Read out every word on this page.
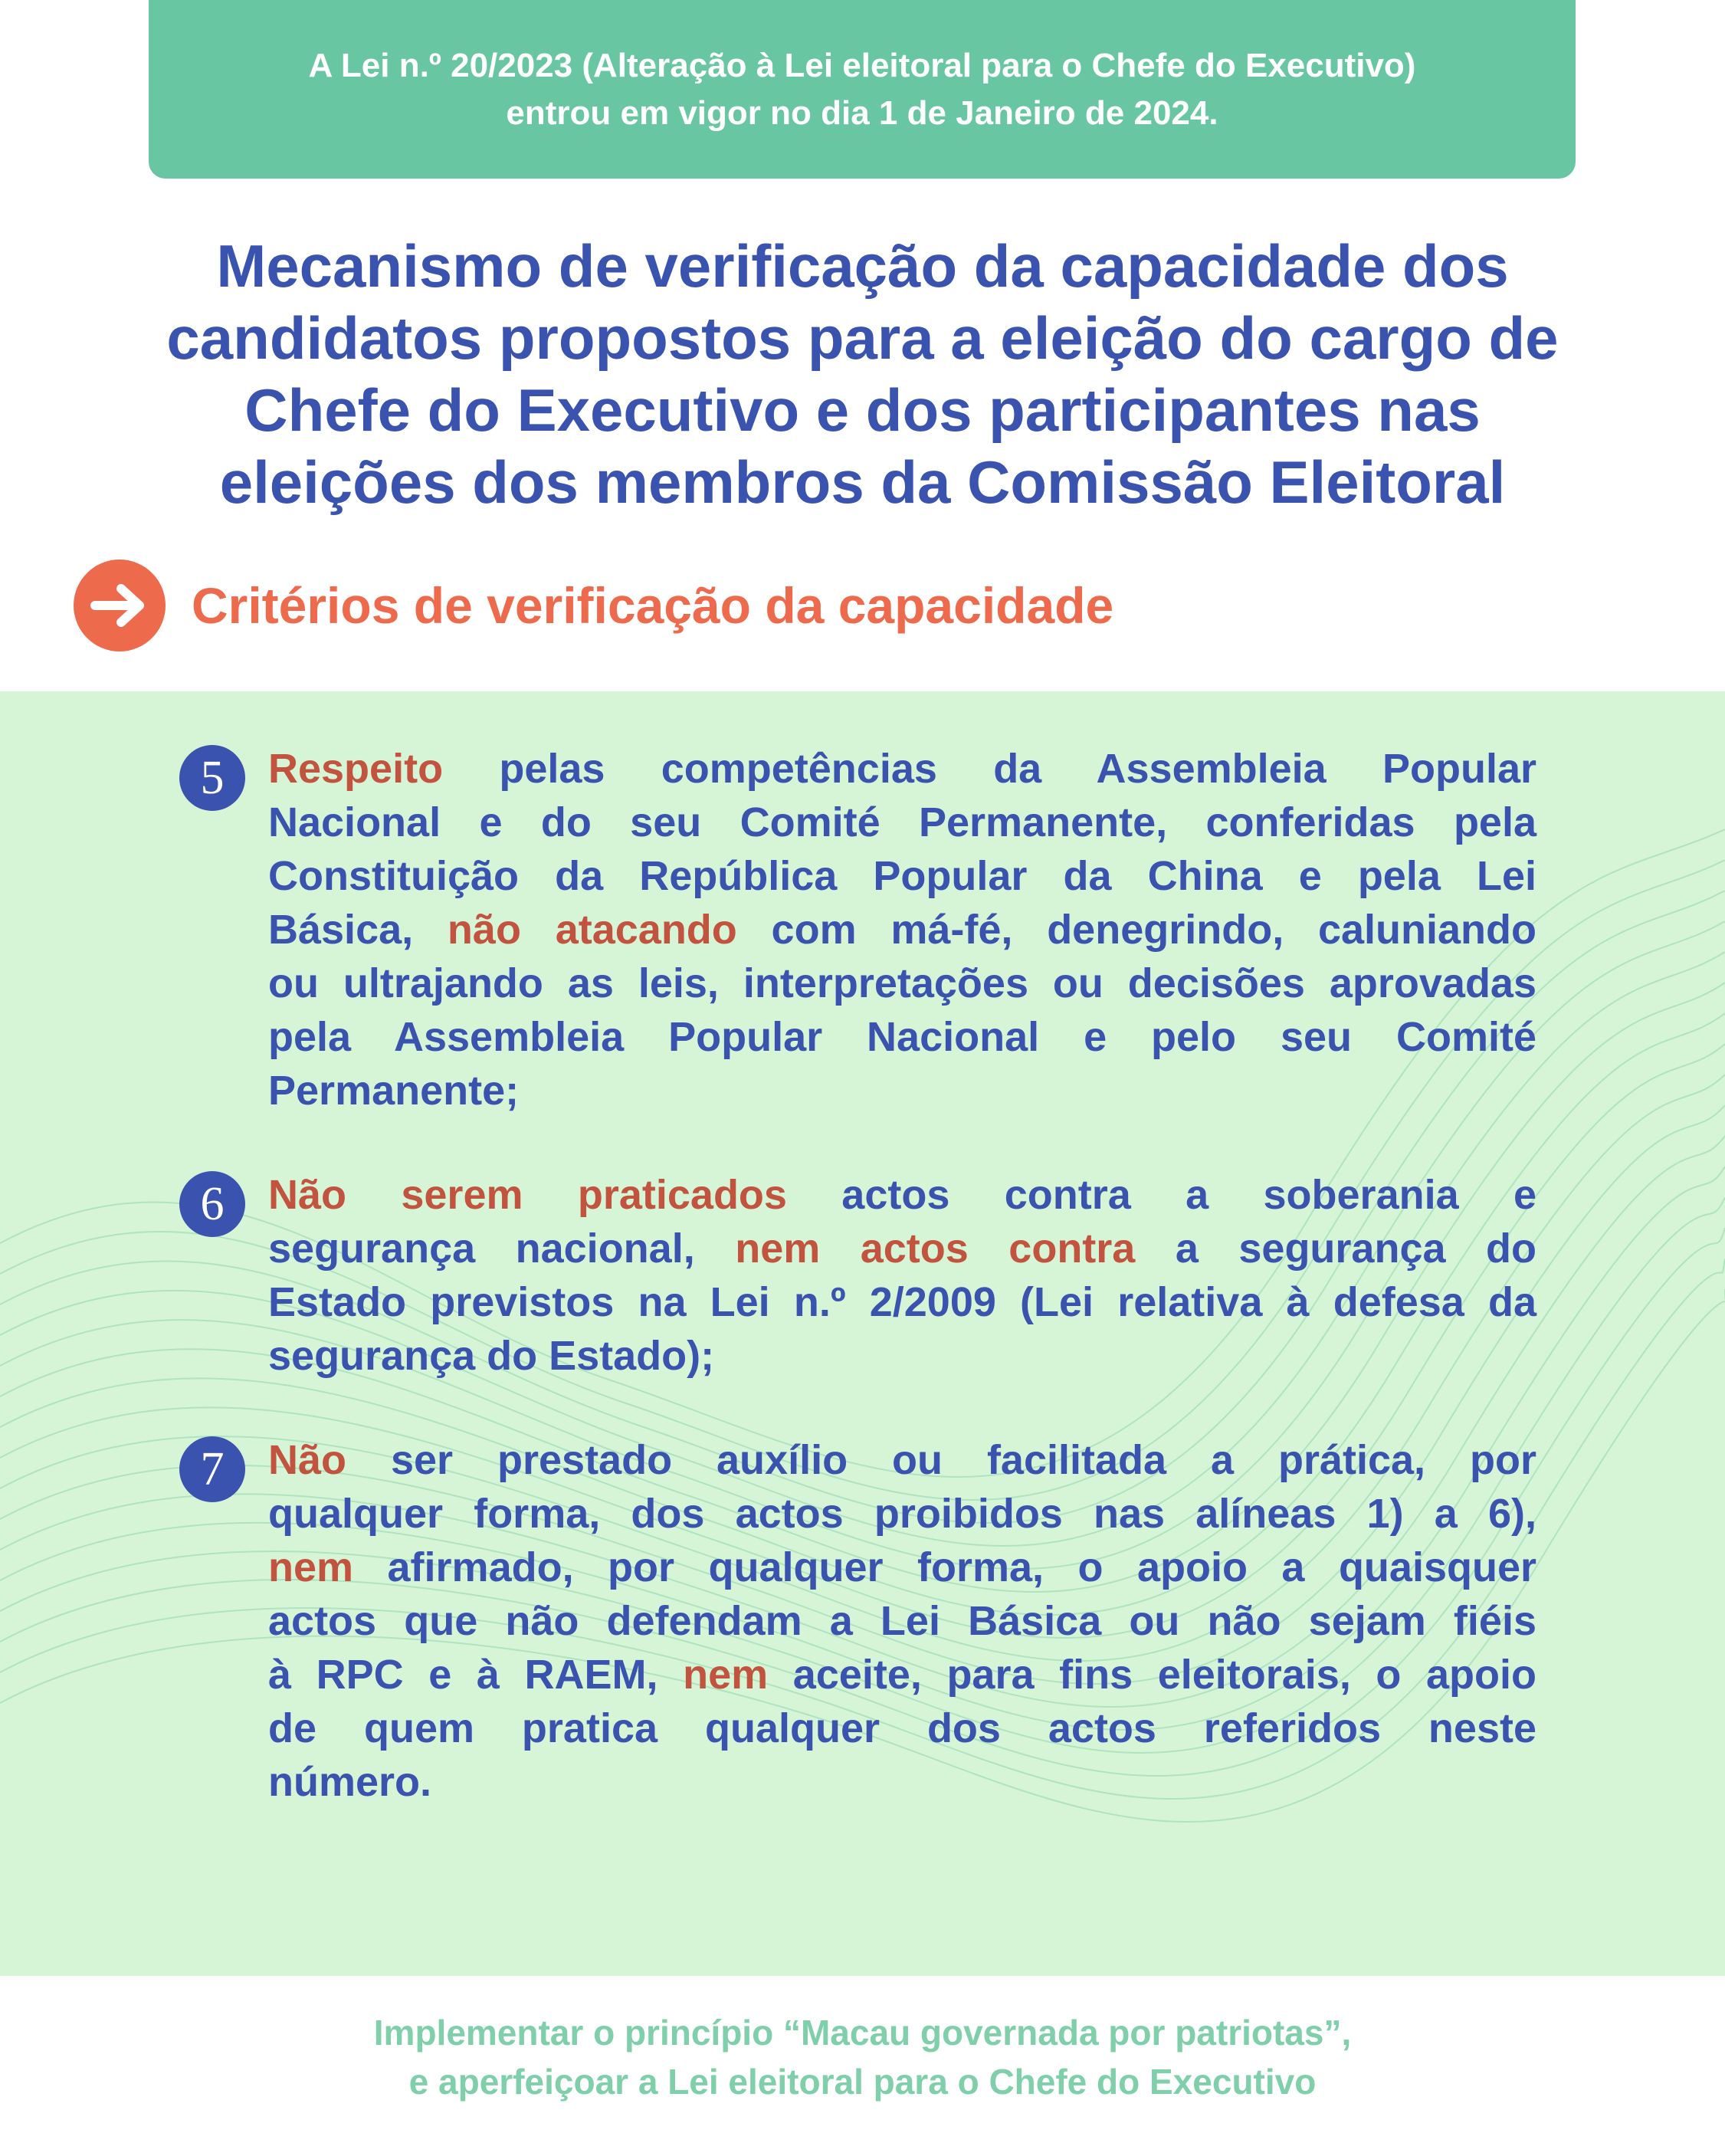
A Lei n.º 20/2023 (Alteração à Lei eleitoral para o Chefe do Executivo)
entrou em vigor no dia 1 de Janeiro de 2024.
Mecanismo de verificação da capacidade dos
candidatos propostos para a eleição do cargo de
Chefe do Executivo e dos participantes nas
eleições dos membros da Comissão Eleitoral
Critérios de verificação da capacidade
5	Respeito pelas competências da Assembleia Popular
Nacional e do seu Comité Permanente, conferidas pela
Constituição da República Popular da China e pela Lei
Básica, não atacando com má-fé, denegrindo, caluniando
ou ultrajando as leis, interpretações ou decisões aprovadas
pela Assembleia Popular Nacional e pelo seu Comité
Permanente;
6	Não serem praticados actos contra a soberania e
segurança nacional, nem actos contra a segurança do
Estado previstos na Lei n.º 2/2009 (Lei relativa à defesa da
segurança do Estado);
7	Não ser prestado auxílio ou facilitada a prática, por
qualquer forma, dos actos proibidos nas alíneas 1) a 6),
nem afirmado, por qualquer forma, o apoio a quaisquer
actos que não defendam a Lei Básica ou não sejam fiéis
à RPC e à RAEM, nem aceite, para fins eleitorais, o apoio
de quem pratica qualquer dos actos referidos neste
número.
Implementar o princípio “Macau governada por patriotas”,
e aperfeiçoar a Lei eleitoral para o Chefe do Executivo
